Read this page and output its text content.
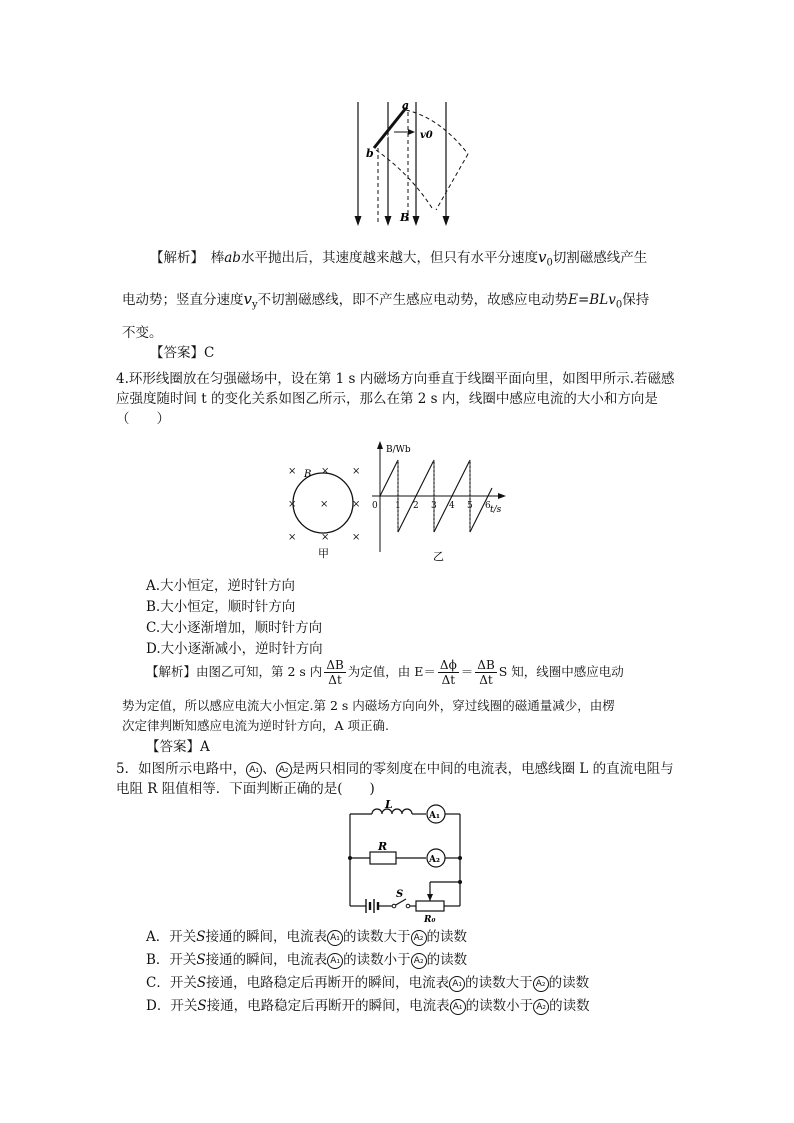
a
b
v0
B
【解析】　 棒ab水平抛出后，其速度越来越大，但只有水平分速度$v_0$切割磁感线产生
电动势；竖直分速度$v_y$不切割磁感线，即不产生感应电动势，故感应电动势E=BLv$_0$保持
不变。
【答案】C
4.环形线圈放在匀强磁场中，设在第 1 s 内磁场方向垂直于线圈平面向里，如图甲所示.若磁感
应强度随时间 t 的变化关系如图乙所示，那么在第 2 s 内，线圈中感应电流的大小和方向是
（　　）
× × ×
× × ×
× × ×
B
甲
B/Wb
t/s
0 1 2 3 4 5 6
乙
A.大小恒定，逆时针方向
B.大小恒定，顺时针方向
C.大小逐渐增加，顺时针方向
D.大小逐渐减小，逆时针方向
【解析】由图乙可知，第 2 s 内 $\frac{\Delta B}{\Delta t}$ 为定值，由 $E= \frac{\Delta\phi}{\Delta t} = \frac{\Delta B}{\Delta t}$ S 知，线圈中感应电动
势为定值，所以感应电流大小恒定.第 2 s 内磁场方向向外，穿过线圈的磁通量减少，由楞
次定律判断知感应电流为逆时针方向，A 项正确.
【答案】A
5．如图所示电路中， A₁ 、 A₂ 是两只相同的零刻度在中间的电流表，电感线圈 L 的直流电阻与
电阻 R 阻值相等．下面判断正确的是(　　)
L
R
S
A₁
A₂
R₀
A．开关S接通的瞬间，电流表 A₁ 的读数大于 A₂ 的读数
B．开关S接通的瞬间，电流表 A₁ 的读数小于 A₂ 的读数
C．开关S接通，电路稳定后再断开的瞬间，电流表 A₁ 的读数大于 A₂ 的读数
D．开关S接通，电路稳定后再断开的瞬间，电流表 A₁ 的读数小于 A₂ 的读数
